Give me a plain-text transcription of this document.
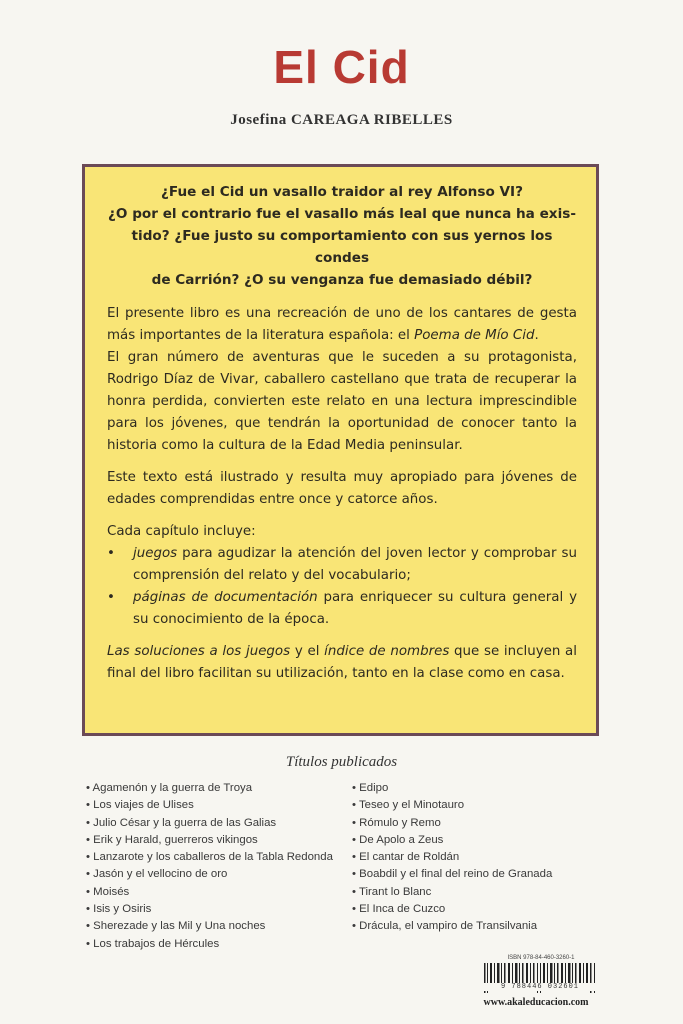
El Cid
Josefina CAREAGA RIBELLES

¿Fue el Cid un vasallo traidor al rey Alfonso VI?
¿O por el contrario fue el vasallo más leal que nunca ha exis-
tido? ¿Fue justo su comportamiento con sus yernos los condes
de Carrión? ¿O su venganza fue demasiado débil?

El presente libro es una recreación de uno de los cantares de gesta más importantes de la literatura española: el Poema de Mío Cid.

El gran número de aventuras que le suceden a su protagonista, Rodrigo Díaz de Vivar, caballero castellano que trata de recuperar la honra perdida, convierten este relato en una lectura imprescindible para los jóvenes, que tendrán la oportunidad de conocer tanto la historia como la cultura de la Edad Media peninsular.

Este texto está ilustrado y resulta muy apropiado para jóvenes de edades comprendidas entre once y catorce años.

Cada capítulo incluye:

•	juegos para agudizar la atención del joven lector y comprobar su comprensión del relato y del vocabulario;
•	páginas de documentación para enriquecer su cultura general y su conocimiento de la época.

Las soluciones a los juegos y el índice de nombres que se incluyen al final del libro facilitan su utilización, tanto en la clase como en casa.

Títulos publicados
• Agamenón y la guerra de Troya
• Los viajes de Ulises
• Julio César y la guerra de las Galias
• Erik y Harald, guerreros vikingos
• Lanzarote y los caballeros de la Tabla Redonda
• Jasón y el vellocino de oro
• Moisés
• Isis y Osiris
• Sherezade y las Mil y Una noches
• Los trabajos de Hércules
• Edipo
• Teseo y el Minotauro
• Rómulo y Remo
• De Apolo a Zeus
• El cantar de Roldán
• Boabdil y el final del reino de Granada
• Tirant lo Blanc
• El Inca de Cuzco
• Drácula, el vampiro de Transilvania
ISBN 978-84-460-3260-1
9 788446 032601
www.akaleducacion.com
